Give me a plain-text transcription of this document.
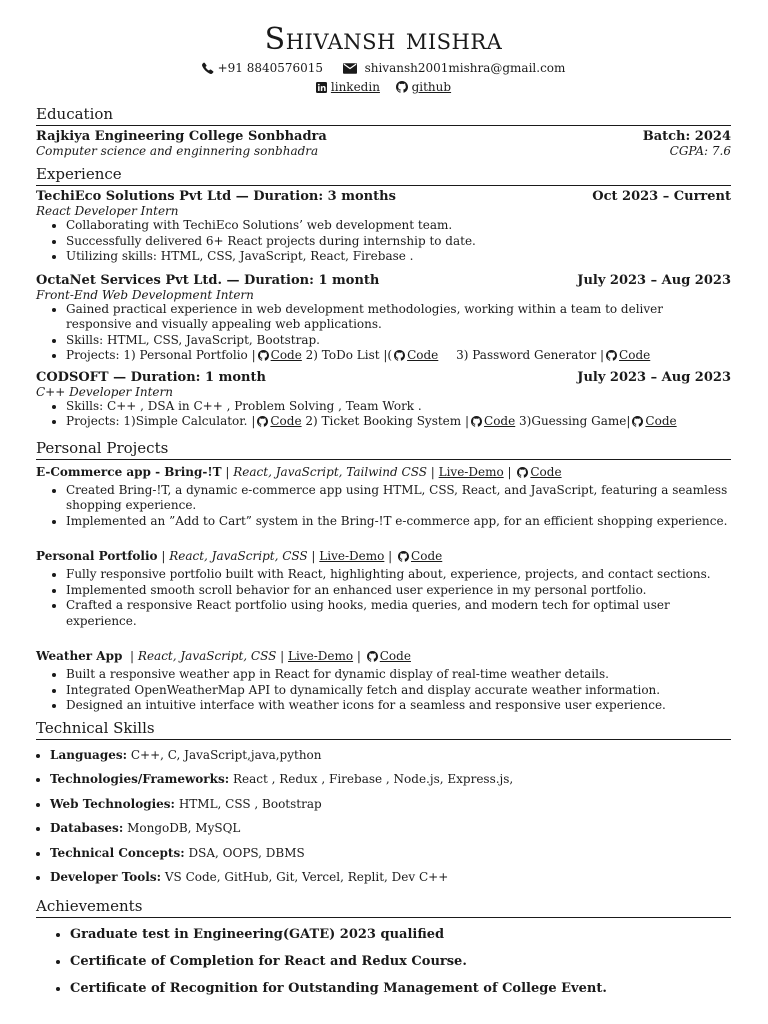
Shivansh mishra
+91 8840576015	shivansh2001mishra@gmail.com
linkedin	github
Education
Rajkiya Engineering College Sonbhadra	Batch: 2024
Computer science and enginnering sonbhadra	CGPA: 7.6
Experience
TechiEco Solutions Pvt Ltd — Duration: 3 months	Oct 2023 – Current
React Developer Intern
• Collaborating with TechiEco Solutions’ web development team.
• Successfully delivered 6+ React projects during internship to date.
• Utilizing skills: HTML, CSS, JavaScript, React, Firebase .
OctaNet Services Pvt Ltd. — Duration: 1 month	July 2023 – Aug 2023
Front-End Web Development Intern
• Gained practical experience in web development methodologies, working within a team to deliver responsive and visually appealing web applications.
• Skills: HTML, CSS, JavaScript, Bootstrap.
• Projects: 1) Personal Portfolio | Code 2) ToDo List |( Code 3) Password Generator | Code
CODSOFT — Duration: 1 month	July 2023 – Aug 2023
C++ Developer Intern
• Skills: C++ , DSA in C++ , Problem Solving , Team Work .
• Projects: 1)Simple Calculator. | Code 2) Ticket Booking System | Code 3)Guessing Game| Code
Personal Projects
E-Commerce app - Bring-!T | React, JavaScript, Tailwind CSS | Live-Demo | Code
• Created Bring-!T, a dynamic e-commerce app using HTML, CSS, React, and JavaScript, featuring a seamless shopping experience.
• Implemented an ”Add to Cart” system in the Bring-!T e-commerce app, for an efficient shopping experience.
Personal Portfolio | React, JavaScript, CSS | Live-Demo | Code
• Fully responsive portfolio built with React, highlighting about, experience, projects, and contact sections.
• Implemented smooth scroll behavior for an enhanced user experience in my personal portfolio.
• Crafted a responsive React portfolio using hooks, media queries, and modern tech for optimal user experience.
Weather App  | React, JavaScript, CSS | Live-Demo | Code
• Built a responsive weather app in React for dynamic display of real-time weather details.
• Integrated OpenWeatherMap API to dynamically fetch and display accurate weather information.
• Designed an intuitive interface with weather icons for a seamless and responsive user experience.
Technical Skills
• Languages: C++, C, JavaScript,java,python
• Technologies/Frameworks: React , Redux , Firebase , Node.js, Express.js,
• Web Technologies: HTML, CSS , Bootstrap
• Databases: MongoDB, MySQL
• Technical Concepts: DSA, OOPS, DBMS
• Developer Tools: VS Code, GitHub, Git, Vercel, Replit, Dev C++
Achievements
• Graduate test in Engineering(GATE) 2023 qualified
• Certificate of Completion for React and Redux Course.
• Certificate of Recognition for Outstanding Management of College Event.
